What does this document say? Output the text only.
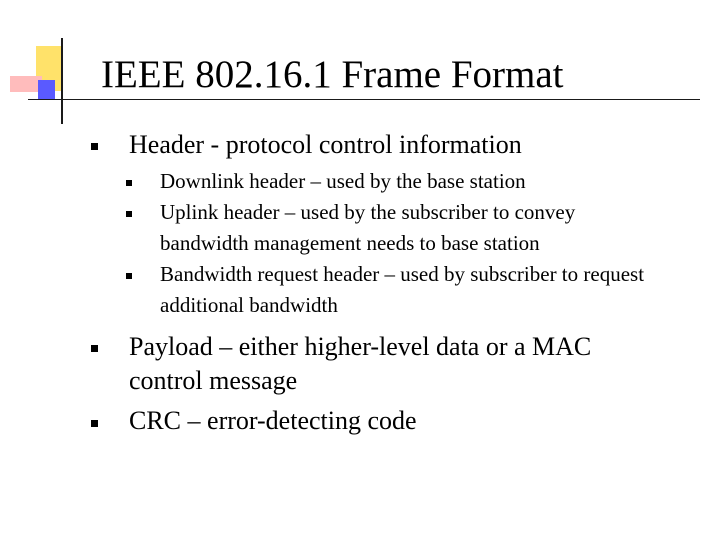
IEEE 802.16.1 Frame Format

Header - protocol control information

Downlink header – used by the base station

Uplink header – used by the subscriber to convey bandwidth management needs to base station

Bandwidth request header – used by subscriber to request additional bandwidth

Payload – either higher-level data or a MAC control message

CRC – error-detecting code
